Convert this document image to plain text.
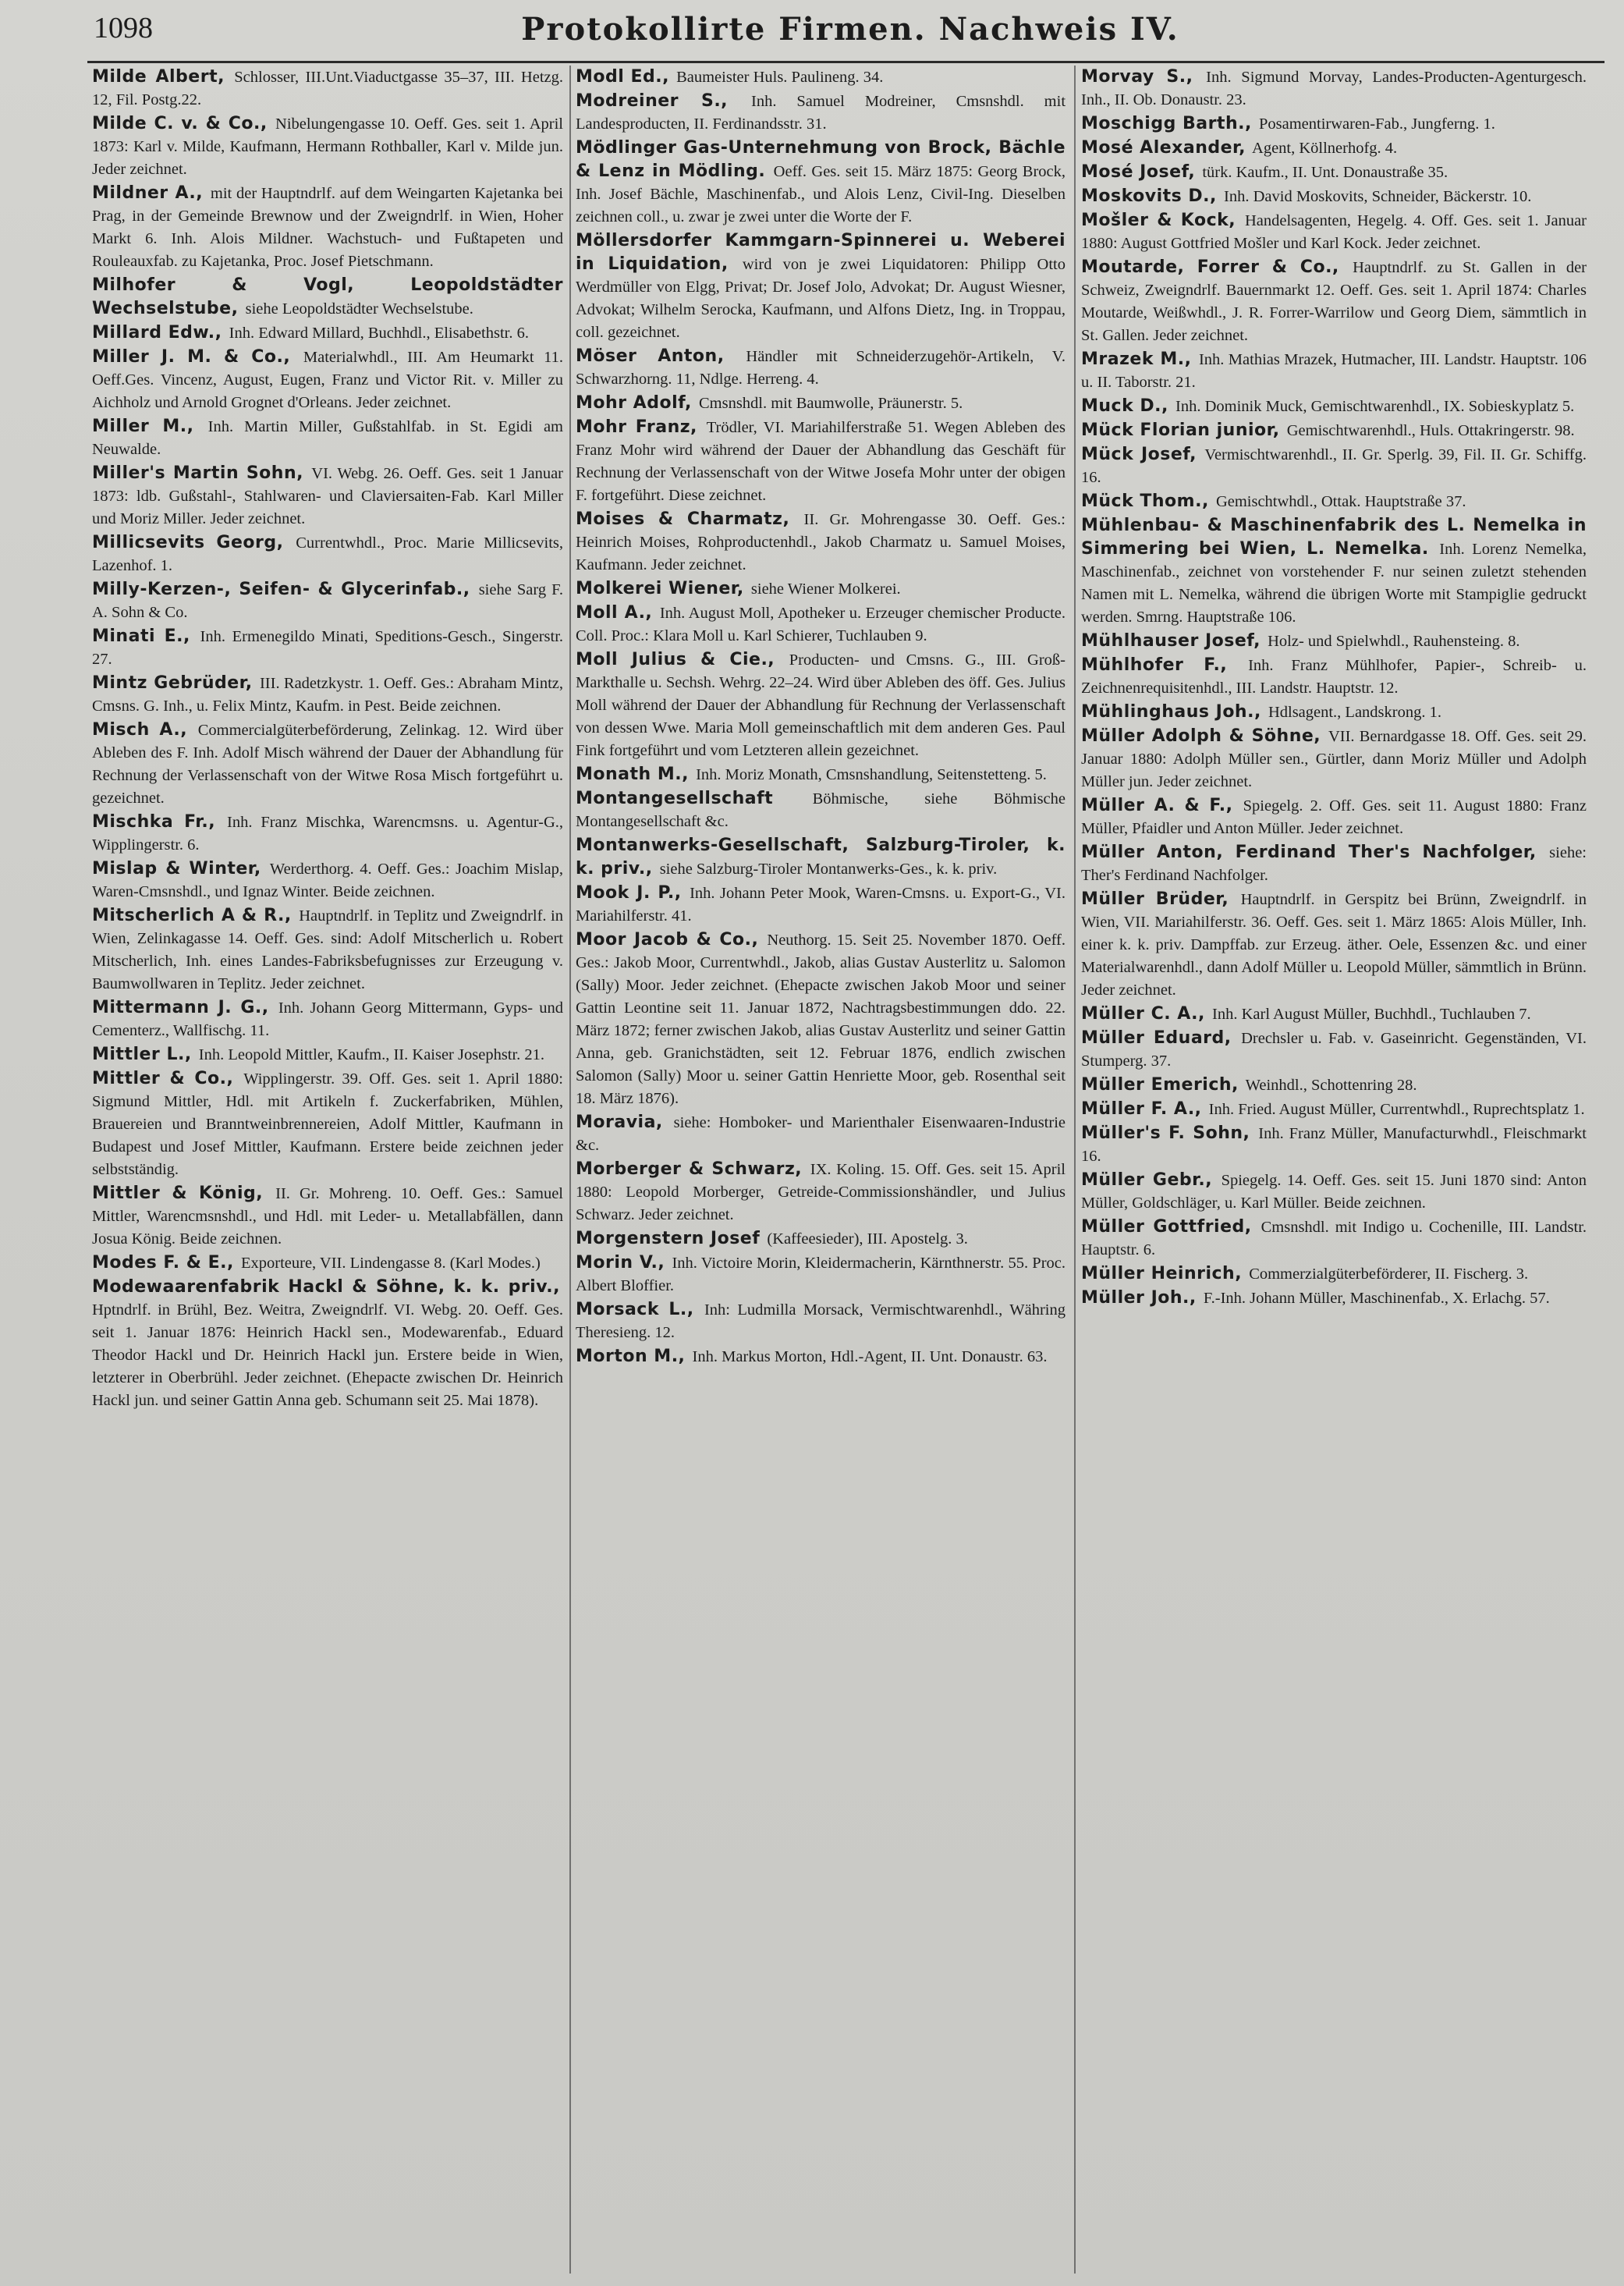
1098	Protokollirte Firmen. Nachweis IV.

Milde Albert, Schlosser, III.Unt.Viaductgasse 35–37, III. Hetzg. 12, Fil. Postg.22.

Milde C. v. & Co., Nibelungengasse 10. Oeff. Ges. seit 1. April 1873: Karl v. Milde, Kaufmann, Hermann Rothballer, Karl v. Milde jun. Jeder zeichnet.

Mildner A., mit der Hauptndrlf. auf dem Weingarten Kajetanka bei Prag, in der Gemeinde Brewnow und der Zweigndrlf. in Wien, Hoher Markt 6. Inh. Alois Mildner. Wachstuch- und Fußtapeten und Rouleauxfab. zu Kajetanka, Proc. Josef Pietschmann.

Milhofer & Vogl, Leopoldstädter Wechselstube, siehe Leopoldstädter Wechselstube.

Millard Edw., Inh. Edward Millard, Buchhdl., Elisabethstr. 6.

Miller J. M. & Co., Materialwhdl., III. Am Heumarkt 11. Oeff.Ges. Vincenz, August, Eugen, Franz und Victor Rit. v. Miller zu Aichholz und Arnold Grognet d'Orleans. Jeder zeichnet.

Miller M., Inh. Martin Miller, Gußstahlfab. in St. Egidi am Neuwalde.

Miller's Martin Sohn, VI. Webg. 26. Oeff. Ges. seit 1 Januar 1873: ldb. Gußstahl-, Stahlwaren- und Claviersaiten-Fab. Karl Miller und Moriz Miller. Jeder zeichnet.

Millicsevits Georg, Currentwhdl., Proc. Marie Millicsevits, Lazenhof. 1.

Milly-Kerzen-, Seifen- & Glycerinfab., siehe Sarg F. A. Sohn & Co.

Minati E., Inh. Ermenegildo Minati, Speditions-Gesch., Singerstr. 27.

Mintz Gebrüder, III. Radetzkystr. 1. Oeff. Ges.: Abraham Mintz, Cmsns. G. Inh., u. Felix Mintz, Kaufm. in Pest. Beide zeichnen.

Misch A., Commercialgüterbeförderung, Zelinkag. 12. Wird über Ableben des F. Inh. Adolf Misch während der Dauer der Abhandlung für Rechnung der Verlassenschaft von der Witwe Rosa Misch fortgeführt u. gezeichnet.

Mischka Fr., Inh. Franz Mischka, Warencmsns. u. Agentur-G., Wipplingerstr. 6.

Mislap & Winter, Werderthorg. 4. Oeff. Ges.: Joachim Mislap, Waren-Cmsnshdl., und Ignaz Winter. Beide zeichnen.

Mitscherlich A & R., Hauptndrlf. in Teplitz und Zweigndrlf. in Wien, Zelinkagasse 14. Oeff. Ges. sind: Adolf Mitscherlich u. Robert Mitscherlich, Inh. eines Landes-Fabriksbefugnisses zur Erzeugung v. Baumwollwaren in Teplitz. Jeder zeichnet.

Mittermann J. G., Inh. Johann Georg Mittermann, Gyps- und Cementerz., Wallfischg. 11.

Mittler L., Inh. Leopold Mittler, Kaufm., II. Kaiser Josephstr. 21.

Mittler & Co., Wipplingerstr. 39. Off. Ges. seit 1. April 1880: Sigmund Mittler, Hdl. mit Artikeln f. Zuckerfabriken, Mühlen, Brauereien und Branntweinbrennereien, Adolf Mittler, Kaufmann in Budapest und Josef Mittler, Kaufmann. Erstere beide zeichnen jeder selbstständig.

Mittler & König, II. Gr. Mohreng. 10. Oeff. Ges.: Samuel Mittler, Warencmsnshdl., und Hdl. mit Leder- u. Metallabfällen, dann Josua König. Beide zeichnen.

Modes F. & E., Exporteure, VII. Lindengasse 8. (Karl Modes.)

Modewaarenfabrik Hackl & Söhne, k. k. priv., Hptndrlf. in Brühl, Bez. Weitra, Zweigndrlf. VI. Webg. 20. Oeff. Ges. seit 1. Januar 1876: Heinrich Hackl sen., Modewarenfab., Eduard Theodor Hackl und Dr. Heinrich Hackl jun. Erstere beide in Wien, letzterer in Oberbrühl. Jeder zeichnet. (Ehepacte zwischen Dr. Heinrich Hackl jun. und seiner Gattin Anna geb. Schumann seit 25. Mai 1878).

Modl Ed., Baumeister Huls. Paulineng. 34.

Modreiner S., Inh. Samuel Modreiner, Cmsnshdl. mit Landesproducten, II. Ferdinandsstr. 31.

Mödlinger Gas-Unternehmung von Brock, Bächle & Lenz in Mödling. Oeff. Ges. seit 15. März 1875: Georg Brock, Inh. Josef Bächle, Maschinenfab., und Alois Lenz, Civil-Ing. Dieselben zeichnen coll., u. zwar je zwei unter die Worte der F.

Möllersdorfer Kammgarn-Spinnerei u. Weberei in Liquidation, wird von je zwei Liquidatoren: Philipp Otto Werdmüller von Elgg, Privat; Dr. Josef Jolo, Advokat; Dr. August Wiesner, Advokat; Wilhelm Serocka, Kaufmann, und Alfons Dietz, Ing. in Troppau, coll. gezeichnet.

Möser Anton, Händler mit Schneiderzugehör-Artikeln, V. Schwarzhorng. 11, Ndlge. Herreng. 4.

Mohr Adolf, Cmsnshdl. mit Baumwolle, Präunerstr. 5.

Mohr Franz, Trödler, VI. Mariahilferstraße 51. Wegen Ableben des Franz Mohr wird während der Dauer der Abhandlung das Geschäft für Rechnung der Verlassenschaft von der Witwe Josefa Mohr unter der obigen F. fortgeführt. Diese zeichnet.

Moises & Charmatz, II. Gr. Mohrengasse 30. Oeff. Ges.: Heinrich Moises, Rohproductenhdl., Jakob Charmatz u. Samuel Moises, Kaufmann. Jeder zeichnet.

Molkerei Wiener, siehe Wiener Molkerei.

Moll A., Inh. August Moll, Apotheker u. Erzeuger chemischer Producte. Coll. Proc.: Klara Moll u. Karl Schierer, Tuchlauben 9.

Moll Julius & Cie., Producten- und Cmsns. G., III. Groß-Markthalle u. Sechsh. Wehrg. 22–24. Wird über Ableben des öff. Ges. Julius Moll während der Dauer der Abhandlung für Rechnung der Verlassenschaft von dessen Wwe. Maria Moll gemeinschaftlich mit dem anderen Ges. Paul Fink fortgeführt und vom Letzteren allein gezeichnet.

Monath M., Inh. Moriz Monath, Cmsnshandlung, Seitenstetteng. 5.

Montangesellschaft Böhmische, siehe Böhmische Montangesellschaft &c.

Montanwerks-Gesellschaft, Salzburg-Tiroler, k. k. priv., siehe Salzburg-Tiroler Montanwerks-Ges., k. k. priv.

Mook J. P., Inh. Johann Peter Mook, Waren-Cmsns. u. Export-G., VI. Mariahilferstr. 41.

Moor Jacob & Co., Neuthorg. 15. Seit 25. November 1870. Oeff. Ges.: Jakob Moor, Currentwhdl., Jakob, alias Gustav Austerlitz u. Salomon (Sally) Moor. Jeder zeichnet. (Ehepacte zwischen Jakob Moor und seiner Gattin Leontine seit 11. Januar 1872, Nachtragsbestimmungen ddo. 22. März 1872; ferner zwischen Jakob, alias Gustav Austerlitz und seiner Gattin Anna, geb. Granichstädten, seit 12. Februar 1876, endlich zwischen Salomon (Sally) Moor u. seiner Gattin Henriette Moor, geb. Rosenthal seit 18. März 1876).

Moravia, siehe: Homboker- und Marienthaler Eisenwaaren-Industrie &c.

Morberger & Schwarz, IX. Koling. 15. Off. Ges. seit 15. April 1880: Leopold Morberger, Getreide-Commissionshändler, und Julius Schwarz. Jeder zeichnet.

Morgenstern Josef (Kaffeesieder), III. Apostelg. 3.

Morin V., Inh. Victoire Morin, Kleidermacherin, Kärnthnerstr. 55. Proc. Albert Bloffier.

Morsack L., Inh: Ludmilla Morsack, Vermischtwarenhdl., Währing Theresieng. 12.

Morton M., Inh. Markus Morton, Hdl.-Agent, II. Unt. Donaustr. 63.

Morvay S., Inh. Sigmund Morvay, Landes-Producten-Agenturgesch. Inh., II. Ob. Donaustr. 23.

Moschigg Barth., Posamentirwaren-Fab., Jungferng. 1.

Mosé Alexander, Agent, Köllnerhofg. 4.

Mosé Josef, türk. Kaufm., II. Unt. Donaustraße 35.

Moskovits D., Inh. David Moskovits, Schneider, Bäckerstr. 10.

Mošler & Kock, Handelsagenten, Hegelg. 4. Off. Ges. seit 1. Januar 1880: August Gottfried Mošler und Karl Kock. Jeder zeichnet.

Moutarde, Forrer & Co., Hauptndrlf. zu St. Gallen in der Schweiz, Zweigndrlf. Bauernmarkt 12. Oeff. Ges. seit 1. April 1874: Charles Moutarde, Weißwhdl., J. R. Forrer-Warrilow und Georg Diem, sämmtlich in St. Gallen. Jeder zeichnet.

Mrazek M., Inh. Mathias Mrazek, Hutmacher, III. Landstr. Hauptstr. 106 u. II. Taborstr. 21.

Muck D., Inh. Dominik Muck, Gemischtwarenhdl., IX. Sobieskyplatz 5.

Mück Florian junior, Gemischtwarenhdl., Huls. Ottakringerstr. 98.

Mück Josef, Vermischtwarenhdl., II. Gr. Sperlg. 39, Fil. II. Gr. Schiffg. 16.

Mück Thom., Gemischtwhdl., Ottak. Hauptstraße 37.

Mühlenbau- & Maschinenfabrik des L. Nemelka in Simmering bei Wien, L. Nemelka. Inh. Lorenz Nemelka, Maschinenfab., zeichnet von vorstehender F. nur seinen zuletzt stehenden Namen mit L. Nemelka, während die übrigen Worte mit Stampiglie gedruckt werden. Smrng. Hauptstraße 106.

Mühlhauser Josef, Holz- und Spielwhdl., Rauhensteing. 8.

Mühlhofer F., Inh. Franz Mühlhofer, Papier-, Schreib- u. Zeichnenrequisitenhdl., III. Landstr. Hauptstr. 12.

Mühlinghaus Joh., Hdlsagent., Landskrong. 1.

Müller Adolph & Söhne, VII. Bernardgasse 18. Off. Ges. seit 29. Januar 1880: Adolph Müller sen., Gürtler, dann Moriz Müller und Adolph Müller jun. Jeder zeichnet.

Müller A. & F., Spiegelg. 2. Off. Ges. seit 11. August 1880: Franz Müller, Pfaidler und Anton Müller. Jeder zeichnet.

Müller Anton, Ferdinand Ther's Nachfolger, siehe: Ther's Ferdinand Nachfolger.

Müller Brüder, Hauptndrlf. in Gerspitz bei Brünn, Zweigndrlf. in Wien, VII. Mariahilferstr. 36. Oeff. Ges. seit 1. März 1865: Alois Müller, Inh. einer k. k. priv. Dampffab. zur Erzeug. äther. Oele, Essenzen &c. und einer Materialwarenhdl., dann Adolf Müller u. Leopold Müller, sämmtlich in Brünn. Jeder zeichnet.

Müller C. A., Inh. Karl August Müller, Buchhdl., Tuchlauben 7.

Müller Eduard, Drechsler u. Fab. v. Gaseinricht. Gegenständen, VI. Stumperg. 37.

Müller Emerich, Weinhdl., Schottenring 28.

Müller F. A., Inh. Fried. August Müller, Currentwhdl., Ruprechtsplatz 1.

Müller's F. Sohn, Inh. Franz Müller, Manufacturwhdl., Fleischmarkt 16.

Müller Gebr., Spiegelg. 14. Oeff. Ges. seit 15. Juni 1870 sind: Anton Müller, Goldschläger, u. Karl Müller. Beide zeichnen.

Müller Gottfried, Cmsnshdl. mit Indigo u. Cochenille, III. Landstr. Hauptstr. 6.

Müller Heinrich, Commerzialgüterbeförderer, II. Fischerg. 3.

Müller Joh., F.-Inh. Johann Müller, Maschinenfab., X. Erlachg. 57.
